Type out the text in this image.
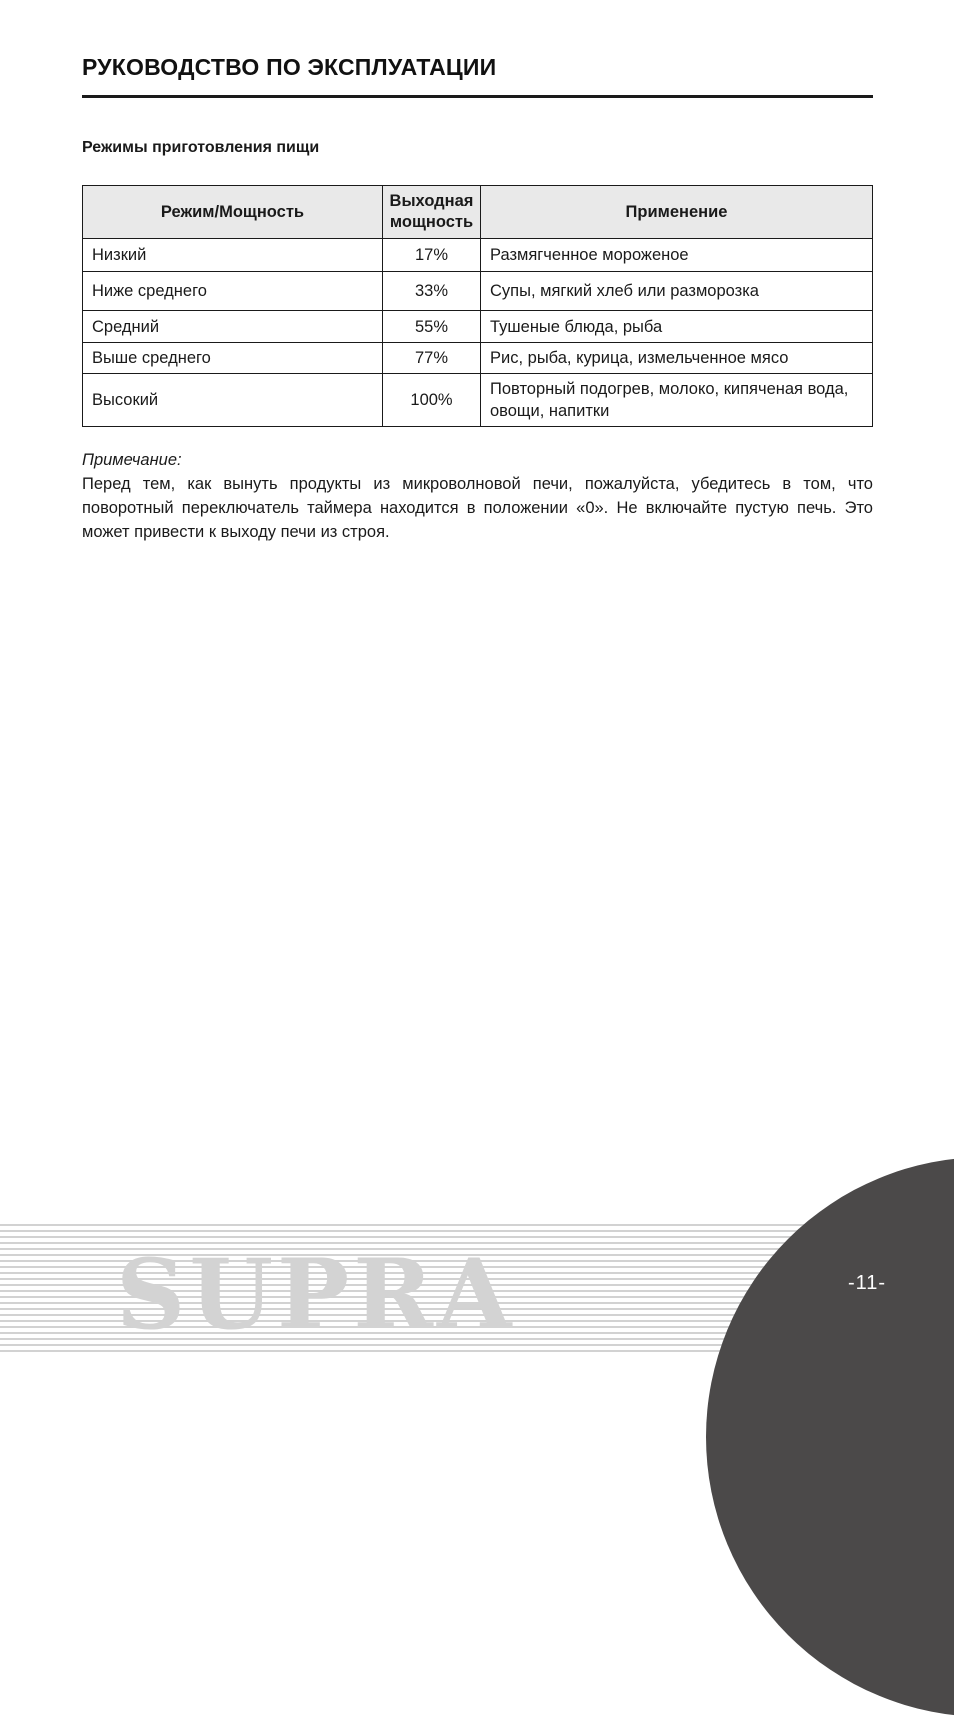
РУКОВОДСТВО ПО ЭКСПЛУАТАЦИИ
Режимы приготовления пищи
Режим/Мощность	Выходная мощность	Применение
Низкий	17%	Размягченное мороженое
Ниже среднего	33%	Супы, мягкий хлеб или разморозка
Средний	55%	Тушеные блюда, рыба
Выше среднего	77%	Рис, рыба, курица, измельченное мясо
Высокий	100%	Повторный подогрев, молоко, кипяченая вода, овощи, напитки
Примечание:
Перед тем, как вынуть продукты из микроволновой печи, пожалуйста, убедитесь в том, что поворотный переключатель таймера находится в положении «0». Не включайте пустую печь. Это может привести к выходу печи из строя.
SUPRA	-11-
